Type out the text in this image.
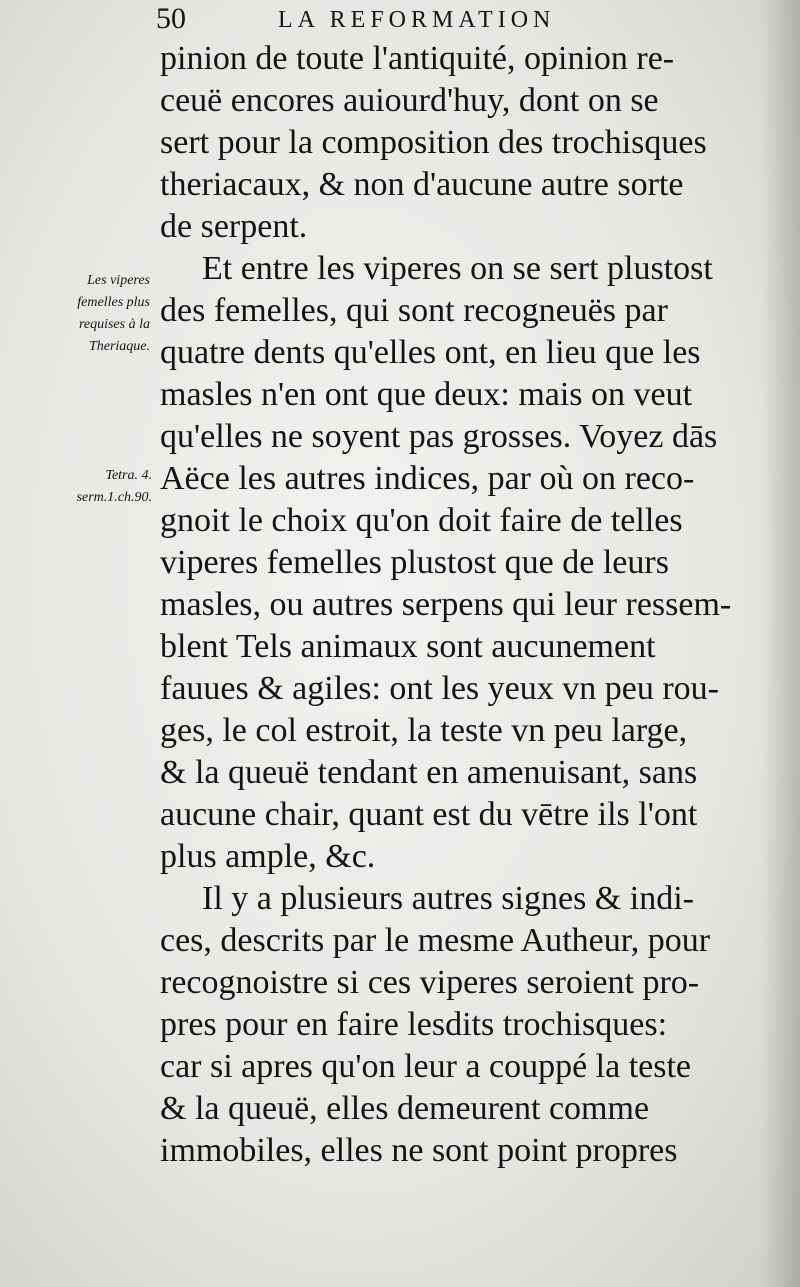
50	LA REFORMATION
Les viperes
femelles plus
requises à la
Theriaque.
Tetra. 4.
serm.1.ch.90.
pinion de toute l'antiquité, opinion re-
ceuë encores auiourd'huy, dont on se
sert pour la composition des trochisques
theriacaux, & non d'aucune autre sorte
de serpent.
Et entre les viperes on se sert plustost
des femelles, qui sont recogneuës par
quatre dents qu'elles ont, en lieu que les
masles n'en ont que deux: mais on veut
qu'elles ne soyent pas grosses. Voyez dās
Aëce les autres indices, par où on reco-
gnoit le choix qu'on doit faire de telles
viperes femelles plustost que de leurs
masles, ou autres serpens qui leur ressem-
blent Tels animaux sont aucunement
fauues & agiles: ont les yeux vn peu rou-
ges, le col estroit, la teste vn peu large,
& la queuë tendant en amenuisant, sans
aucune chair, quant est du vētre ils l'ont
plus ample, &c.
Il y a plusieurs autres signes & indi-
ces, descrits par le mesme Autheur, pour
recognoistre si ces viperes seroient pro-
pres pour en faire lesdits trochisques:
car si apres qu'on leur a couppé la teste
& la queuë, elles demeurent comme
immobiles, elles ne sont point propres
